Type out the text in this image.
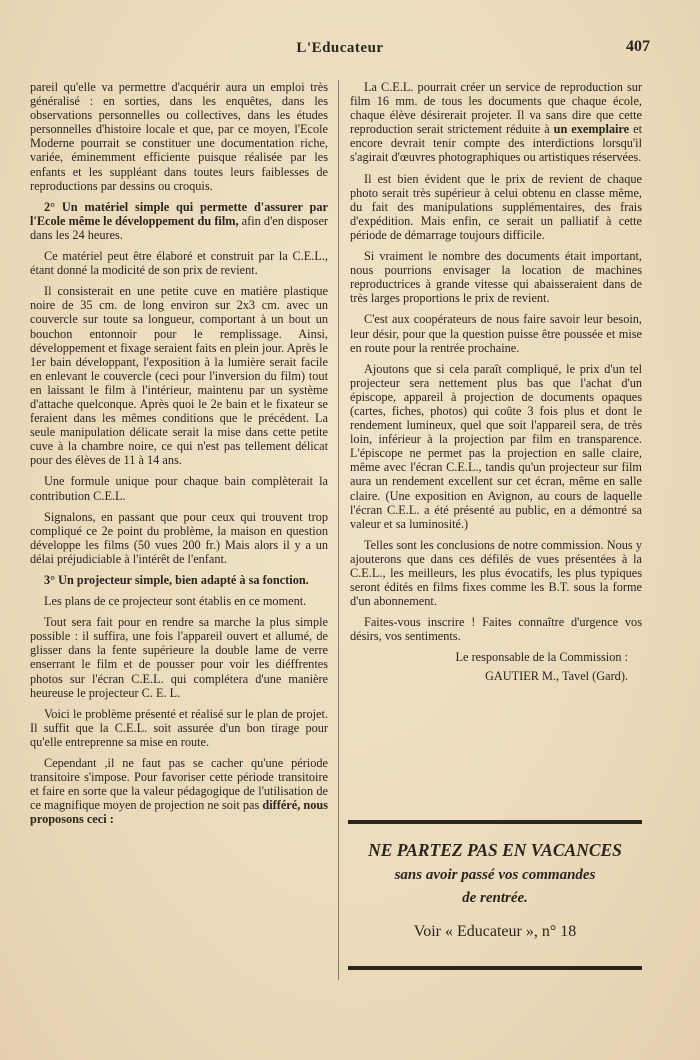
L'Educateur	407

pareil qu'elle va permettre d'acquérir aura un emploi très généralisé : en sorties, dans les enquêtes, dans les observations personnelles ou collectives, dans les études personnelles d'histoire locale et que, par ce moyen, l'Ecole Moderne pourrait se constituer une documentation riche, variée, éminemment efficiente puisque réalisée par les enfants et les suppléant dans toutes leurs faiblesses de reproductions par dessins ou croquis.

2° Un matériel simple qui permette d'assurer par l'Ecole même le développement du film, afin d'en disposer dans les 24 heures.

Ce matériel peut être élaboré et construit par la C.E.L., étant donné la modicité de son prix de revient.

Il consisterait en une petite cuve en matière plastique noire de 35 cm. de long environ sur 2x3 cm. avec un couvercle sur toute sa longueur, comportant à un bout un bouchon entonnoir pour le remplissage. Ainsi, développement et fixage seraient faits en plein jour. Après le 1er bain développant, l'exposition à la lumière serait facile en enlevant le couvercle (ceci pour l'inversion du film) tout en laissant le film à l'intérieur, maintenu par un système d'attache quelconque. Après quoi le 2e bain et le fixateur se feraient dans les mêmes conditions que le précédent. La seule manipulation délicate serait la mise dans cette petite cuve à la chambre noire, ce qui n'est pas tellement délicat pour des élèves de 11 à 14 ans.

Une formule unique pour chaque bain complèterait la contribution C.E.L.

Signalons, en passant que pour ceux qui trouvent trop compliqué ce 2e point du problème, la maison en question développe les films (50 vues 200 fr.) Mais alors il y a un délai préjudiciable à l'intérêt de l'enfant.

3° Un projecteur simple, bien adapté à sa fonction.

Les plans de ce projecteur sont établis en ce moment.

Tout sera fait pour en rendre sa marche la plus simple possible : il suffira, une fois l'appareil ouvert et allumé, de glisser dans la fente supérieure la double lame de verre enserrant le film et de pousser pour voir les diéffrentes photos sur l'écran C.E.L. qui complétera d'une manière heureuse le projecteur C. E. L.

Voici le problème présenté et réalisé sur le plan de projet. Il suffit que la C.E.L. soit assurée d'un bon tirage pour qu'elle entreprenne sa mise en route.

Cependant ,il ne faut pas se cacher qu'une période transitoire s'impose. Pour favoriser cette période transitoire et faire en sorte que la valeur pédagogique de l'utilisation de ce magnifique moyen de projection ne soit pas différé, nous proposons ceci :

La C.E.L. pourrait créer un service de reproduction sur film 16 mm. de tous les documents que chaque école, chaque élève désirerait projeter. Il va sans dire que cette reproduction serait strictement réduite à un exemplaire et encore devrait tenir compte des interdictions lorsqu'il s'agirait d'œuvres photographiques ou artistiques réservées.

Il est bien évident que le prix de revient de chaque photo serait très supérieur à celui obtenu en classe même, du fait des manipulations supplémentaires, des frais d'expédition. Mais enfin, ce serait un palliatif à cette période de démarrage toujours difficile.

Si vraiment le nombre des documents était important, nous pourrions envisager la location de machines reproductrices à grande vitesse qui abaisseraient dans de très larges proportions le prix de revient.

C'est aux coopérateurs de nous faire savoir leur besoin, leur désir, pour que la question puisse être poussée et mise en route pour la rentrée prochaine.

Ajoutons que si cela paraît compliqué, le prix d'un tel projecteur sera nettement plus bas que l'achat d'un épiscope, appareil à projection de documents opaques (cartes, fiches, photos) qui coûte 3 fois plus et dont le rendement lumineux, quel que soit l'appareil sera, de très loin, inférieur à la projection par film en transparence. L'épiscope ne permet pas la projection en salle claire, même avec l'écran C.E.L., tandis qu'un projecteur sur film aura un rendement excellent sur cet écran, même en salle claire. (Une exposition en Avignon, au cours de laquelle l'écran C.E.L. a été présenté au public, en a démontré sa valeur et sa luminosité.)

Telles sont les conclusions de notre commission. Nous y ajouterons que dans ces défilés de vues présentées à la C.E.L., les meilleurs, les plus évocatifs, les plus typiques seront édités en films fixes comme les B.T. sous la forme d'un abonnement.

Faites-vous inscrire ! Faites connaître d'urgence vos désirs, vos sentiments.

Le responsable de la Commission :

GAUTIER M., Tavel (Gard).

NE PARTEZ PAS EN VACANCES
sans avoir passé vos commandes
de rentrée.
Voir « Educateur », n° 18
